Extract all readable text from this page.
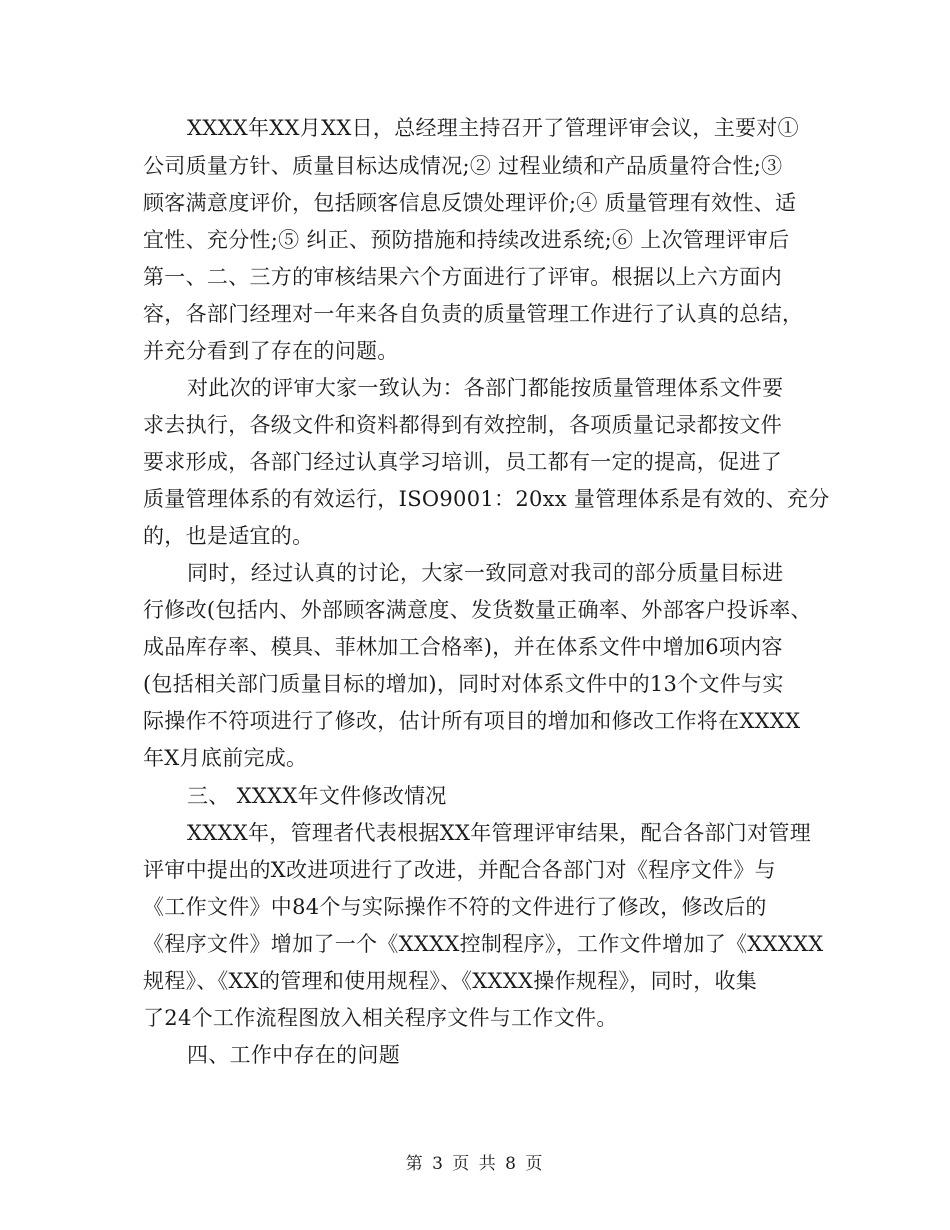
XXXX年XX月XX日，总经理主持召开了管理评审会议，主要对①
公司质量方针、质量目标达成情况;② 过程业绩和产品质量符合性;③
顾客满意度评价，包括顾客信息反馈处理评价;④ 质量管理有效性、适
宜性、充分性;⑤ 纠正、预防措施和持续改进系统;⑥ 上次管理评审后
第一、二、三方的审核结果六个方面进行了评审。根据以上六方面内
容，各部门经理对一年来各自负责的质量管理工作进行了认真的总结，
并充分看到了存在的问题。
对此次的评审大家一致认为：各部门都能按质量管理体系文件要
求去执行，各级文件和资料都得到有效控制，各项质量记录都按文件
要求形成，各部门经过认真学习培训，员工都有一定的提高，促进了
质量管理体系的有效运行，ISO9001：20xx 量管理体系是有效的、充分
的，也是适宜的。
同时，经过认真的讨论，大家一致同意对我司的部分质量目标进
行修改(包括内、外部顾客满意度、发货数量正确率、外部客户投诉率、
成品库存率、模具、菲林加工合格率)，并在体系文件中增加6项内容
(包括相关部门质量目标的增加)，同时对体系文件中的13个文件与实
际操作不符项进行了修改，估计所有项目的增加和修改工作将在XXXX
年X月底前完成。
三、 XXXX年文件修改情况
XXXX年，管理者代表根据XX年管理评审结果，配合各部门对管理
评审中提出的X改进项进行了改进，并配合各部门对《程序文件》与
《工作文件》中84个与实际操作不符的文件进行了修改，修改后的
《程序文件》增加了一个《XXXX控制程序》，工作文件增加了《XXXXX
规程》、《XX的管理和使用规程》、《XXXX操作规程》，同时，收集
了24个工作流程图放入相关程序文件与工作文件。
四、工作中存在的问题
第 3 页 共 8 页
